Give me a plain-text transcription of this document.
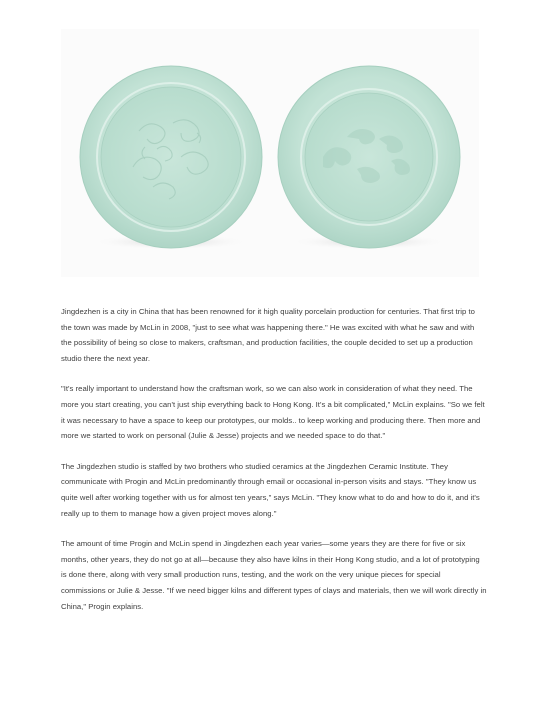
Jingdezhen is a city in China that has been renowned for it high quality porcelain production for centuries. That first trip to the town was made by McLin in 2008, "just to see what was happening there." He was excited with what he saw and with the possibility of being so close to makers, craftsman, and production facilities, the couple decided to set up a production studio there the next year.

"It's really important to understand how the craftsman work, so we can also work in consideration of what they need. The more you start creating, you can't just ship everything back to Hong Kong. It's a bit complicated," McLin explains. "So we felt it was necessary to have a space to keep our prototypes, our molds.. to keep working and producing there. Then more and more we started to work on personal (Julie & Jesse) projects and we needed space to do that."

The Jingdezhen studio is staffed by two brothers who studied ceramics at the Jingdezhen Ceramic Institute. They communicate with Progin and McLin predominantly through email or occasional in-person visits and stays. "They know us quite well after working together with us for almost ten years," says McLin. "They know what to do and how to do it, and it's really up to them to manage how a given project moves along."

The amount of time Progin and McLin spend in Jingdezhen each year varies—some years they are there for five or six months, other years, they do not go at all—because they also have kilns in their Hong Kong studio, and a lot of prototyping is done there, along with very small production runs, testing, and the work on the very unique pieces for special commissions or Julie & Jesse. "If we need bigger kilns and different types of clays and materials, then we will work directly in China," Progin explains.
